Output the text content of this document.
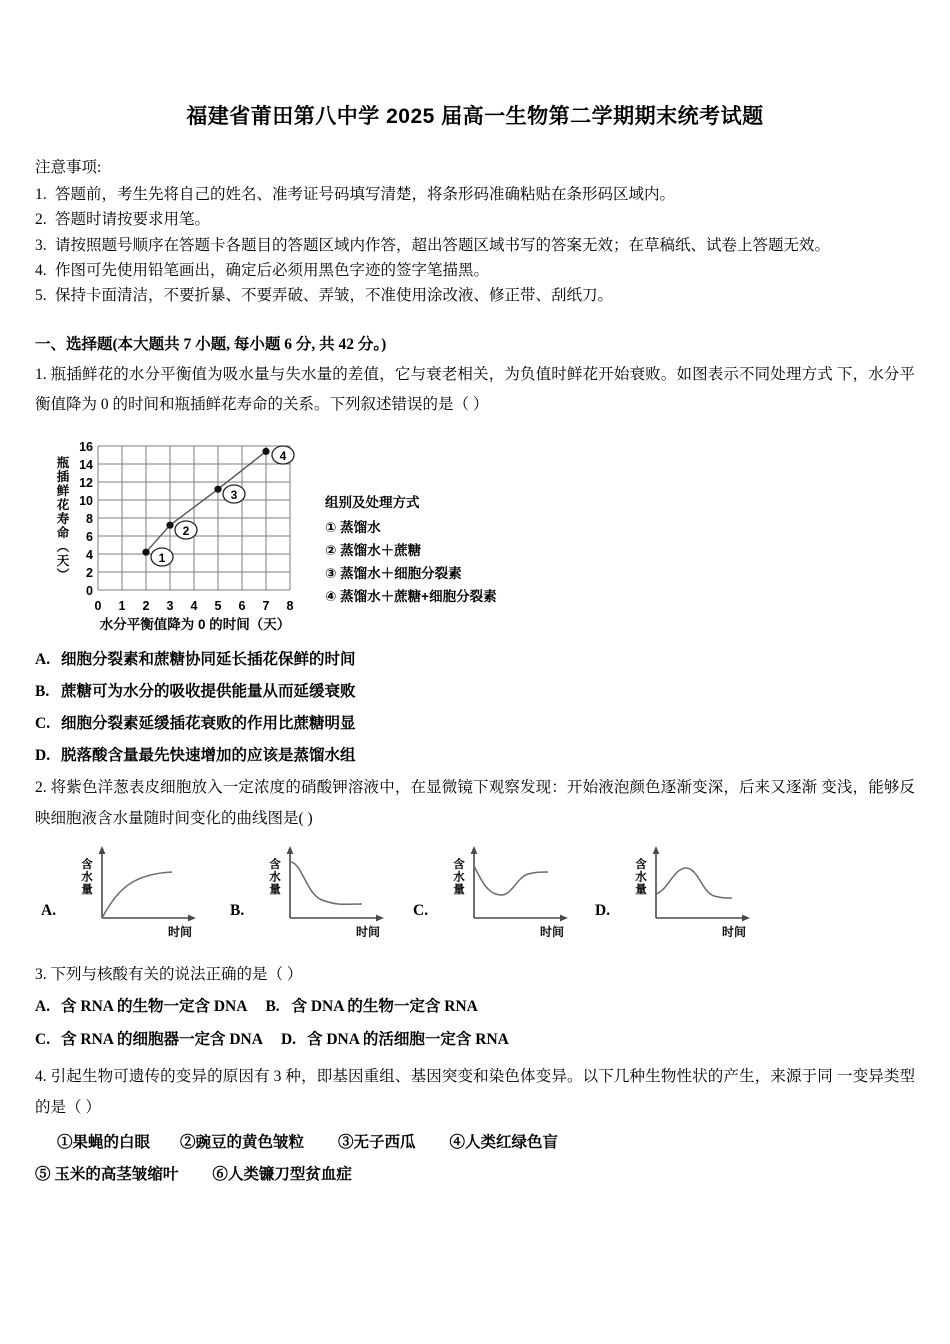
福建省莆田第八中学 2025 届高一生物第二学期期末统考试题
注意事项:
1. 答题前，考生先将自己的姓名、准考证号码填写清楚，将条形码准确粘贴在条形码区域内。
2. 答题时请按要求用笔。
3. 请按照题号顺序在答题卡各题目的答题区域内作答，超出答题区域书写的答案无效；在草稿纸、试卷上答题无效。
4. 作图可先使用铅笔画出，确定后必须用黑色字迹的签字笔描黑。
5. 保持卡面清洁，不要折暴、不要弄破、弄皱，不准使用涂改液、修正带、刮纸刀。
一、选择题(本大题共 7 小题, 每小题 6 分, 共 42 分。)
1. 瓶插鲜花的水分平衡值为吸水量与失水量的差值，它与衰老相关，为负值时鲜花开始衰败。如图表示不同处理方式 下，水分平衡值降为 0 的时间和瓶插鲜花寿命的关系。下列叙述错误的是（ ）
瓶插鲜花寿命（天）
16
14
12
10
8
6
4
2
0
0 1 2 3 4 5 6 7 8
1
2
3
4
水分平衡值降为 0 的时间（天）
组别及处理方式
① 蒸馏水
② 蒸馏水＋蔗糖
③ 蒸馏水＋细胞分裂素
④ 蒸馏水＋蔗糖+细胞分裂素
A. 细胞分裂素和蔗糖协同延长插花保鲜的时间
B. 蔗糖可为水分的吸收提供能量从而延缓衰败
C. 细胞分裂素延缓插花衰败的作用比蔗糖明显
D. 脱落酸含量最先快速增加的应该是蒸馏水组
2. 将紫色洋葱表皮细胞放入一定浓度的硝酸钾溶液中，在显微镜下观察发现：开始液泡颜色逐渐变深，后来又逐渐 变浅，能够反映细胞液含水量随时间变化的曲线图是( )
A.
含水量
时间
B.
含水量
时间
C.
含水量
时间
D.
含水量
时间
3. 下列与核酸有关的说法正确的是（ ）
A. 含 RNA 的生物一定含 DNA B. 含 DNA 的生物一定含 RNA
C. 含 RNA 的细胞器一定含 DNA D. 含 DNA 的活细胞一定含 RNA
4. 引起生物可遗传的变异的原因有 3 种，即基因重组、基因突变和染色体变异。以下几种生物性状的产生，来源于同 一变异类型的是（ ）
①果蝇的白眼 ②豌豆的黄色皱粒 ③无子西瓜 ④人类红绿色盲
⑤ 玉米的高茎皱缩叶 ⑥人类镰刀型贫血症
